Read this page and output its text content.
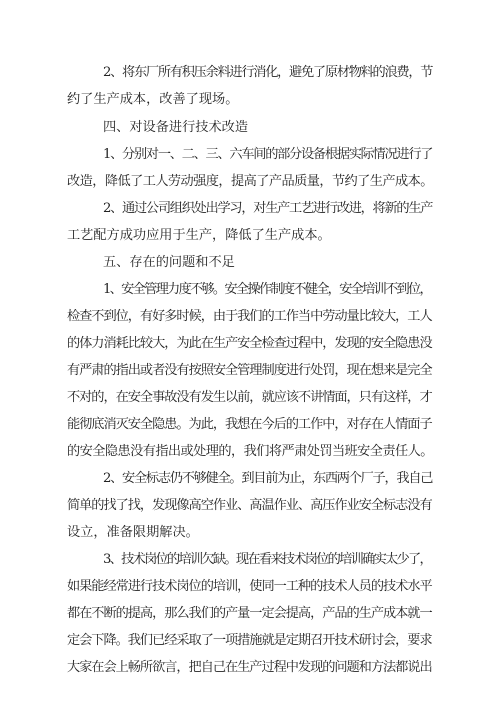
2、将东厂所有积压余料进行消化，避免了原材物料的浪费，节
约了生产成本，改善了现场。
四、对设备进行技术改造
1、分别对一、二、三、六车间的部分设备根据实际情况进行了
改造，降低了工人劳动强度，提高了产品质量，节约了生产成本。
2、通过公司组织处出学习，对生产工艺进行改进，将新的生产
工艺配方成功应用于生产，降低了生产成本。
五、存在的问题和不足
1、安全管理力度不够。安全操作制度不健全，安全培训不到位，
检查不到位，有好多时候，由于我们的工作当中劳动量比较大，工人
的体力消耗比较大，为此在生产安全检查过程中，发现的安全隐患没
有严肃的指出或者没有按照安全管理制度进行处罚，现在想来是完全
不对的，在安全事故没有发生以前，就应该不讲情面，只有这样，才
能彻底消灭安全隐患。为此，我想在今后的工作中，对存在人情面子
的安全隐患没有指出或处理的，我们将严肃处罚当班安全责任人。
2、安全标志仍不够健全。到目前为止，东西两个厂子，我自己
简单的找了找，发现像高空作业、高温作业、高压作业安全标志没有
设立，准备限期解决。
3、技术岗位的培训欠缺。现在看来技术岗位的培训确实太少了，
如果能经常进行技术岗位的培训，使同一工种的技术人员的技术水平
都在不断的提高，那么我们的产量一定会提高，产品的生产成本就一
定会下降。我们已经采取了一项措施就是定期召开技术研讨会，要求
大家在会上畅所欲言，把自己在生产过程中发现的问题和方法都说出
